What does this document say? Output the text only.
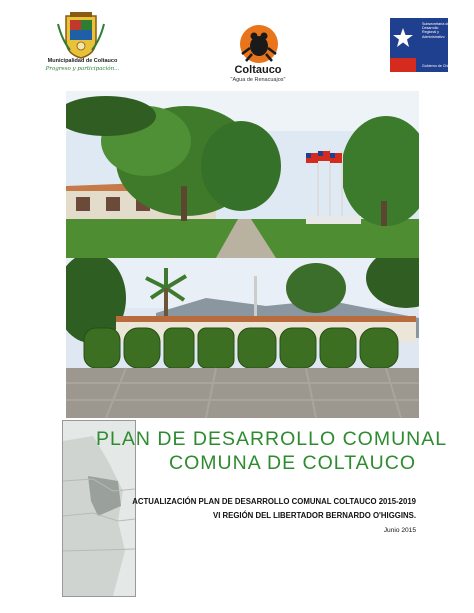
Municipalidad de Coltauco
Progreso y participación...	Coltauco
"Agua de Renacuajos"
Subsecretaría de Desarrollo Regional y Administrativo
Gobierno de Chile
PLAN DE DESARROLLO COMUNAL
COMUNA DE COLTAUCO
ACTUALIZACIÓN PLAN DE DESARROLLO COMUNAL COLTAUCO 2015-2019
VI REGIÓN DEL LIBERTADOR BERNARDO O'HIGGINS.
Junio 2015
